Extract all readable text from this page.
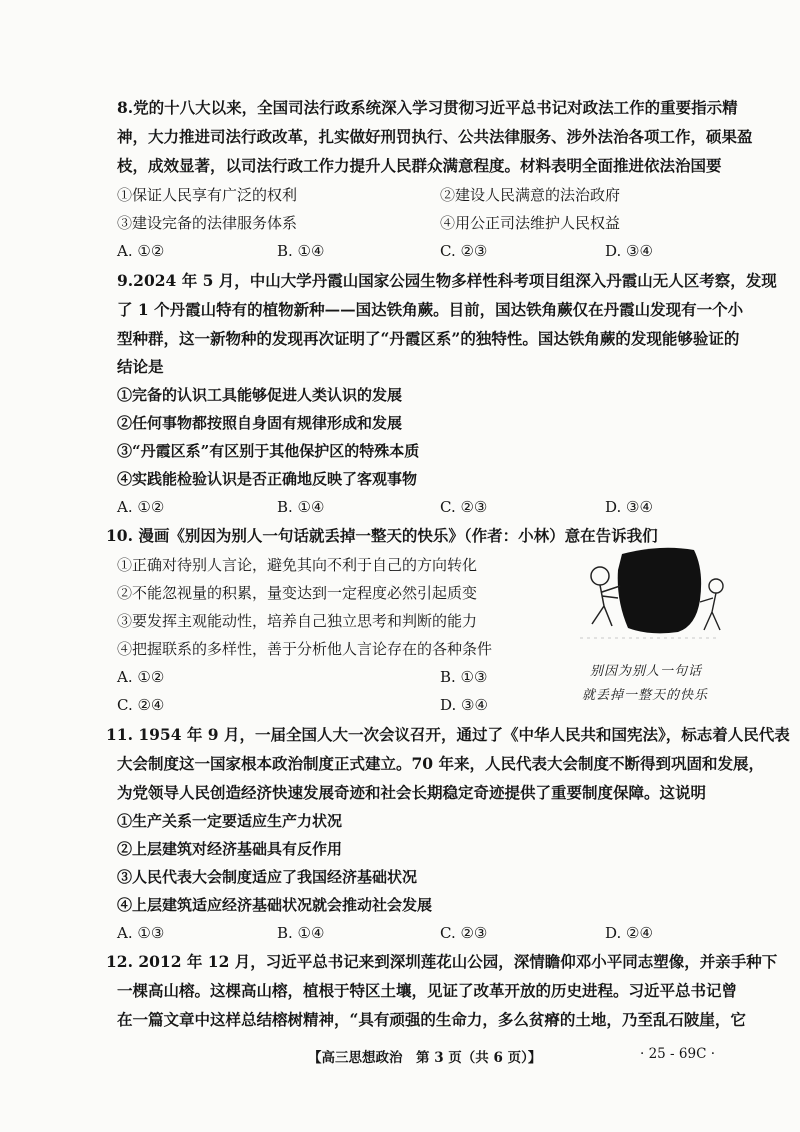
8.党的十八大以来，全国司法行政系统深入学习贯彻习近平总书记对政法工作的重要指示精
神，大力推进司法行政改革，扎实做好刑罚执行、公共法律服务、涉外法治各项工作，硕果盈
枝，成效显著，以司法行政工作力提升人民群众满意程度。材料表明全面推进依法治国要
①保证人民享有广泛的权利	②建设人民满意的法治政府
③建设完备的法律服务体系	④用公正司法维护人民权益
A. ①②	B. ①④	C. ②③	D. ③④
9.2024 年 5 月，中山大学丹霞山国家公园生物多样性科考项目组深入丹霞山无人区考察，发现
了 1 个丹霞山特有的植物新种——国达铁角蕨。目前，国达铁角蕨仅在丹霞山发现有一个小
型种群，这一新物种的发现再次证明了“丹霞区系”的独特性。国达铁角蕨的发现能够验证的
结论是
①完备的认识工具能够促进人类认识的发展
②任何事物都按照自身固有规律形成和发展
③“丹霞区系”有区别于其他保护区的特殊本质
④实践能检验认识是否正确地反映了客观事物
A. ①②	B. ①④	C. ②③	D. ③④
10. 漫画《别因为别人一句话就丢掉一整天的快乐》（作者：小林）意在告诉我们
①正确对待别人言论，避免其向不利于自己的方向转化
②不能忽视量的积累，量变达到一定程度必然引起质变
③要发挥主观能动性，培养自己独立思考和判断的能力
④把握联系的多样性，善于分析他人言论存在的各种条件
A. ①②	B. ①③
C. ②④	D. ③④
别因为别人一句话
就丢掉一整天的快乐
11. 1954 年 9 月，一届全国人大一次会议召开，通过了《中华人民共和国宪法》，标志着人民代表
大会制度这一国家根本政治制度正式建立。70 年来，人民代表大会制度不断得到巩固和发展，
为党领导人民创造经济快速发展奇迹和社会长期稳定奇迹提供了重要制度保障。这说明
①生产关系一定要适应生产力状况
②上层建筑对经济基础具有反作用
③人民代表大会制度适应了我国经济基础状况
④上层建筑适应经济基础状况就会推动社会发展
A. ①③	B. ①④	C. ②③	D. ②④
12. 2012 年 12 月，习近平总书记来到深圳莲花山公园，深情瞻仰邓小平同志塑像，并亲手种下
一棵高山榕。这棵高山榕，植根于特区土壤，见证了改革开放的历史进程。习近平总书记曾
在一篇文章中这样总结榕树精神，“具有顽强的生命力，多么贫瘠的土地，乃至乱石陂崖，它
【高三思想政治　第 3 页（共 6 页）】	· 25 - 69C ·
